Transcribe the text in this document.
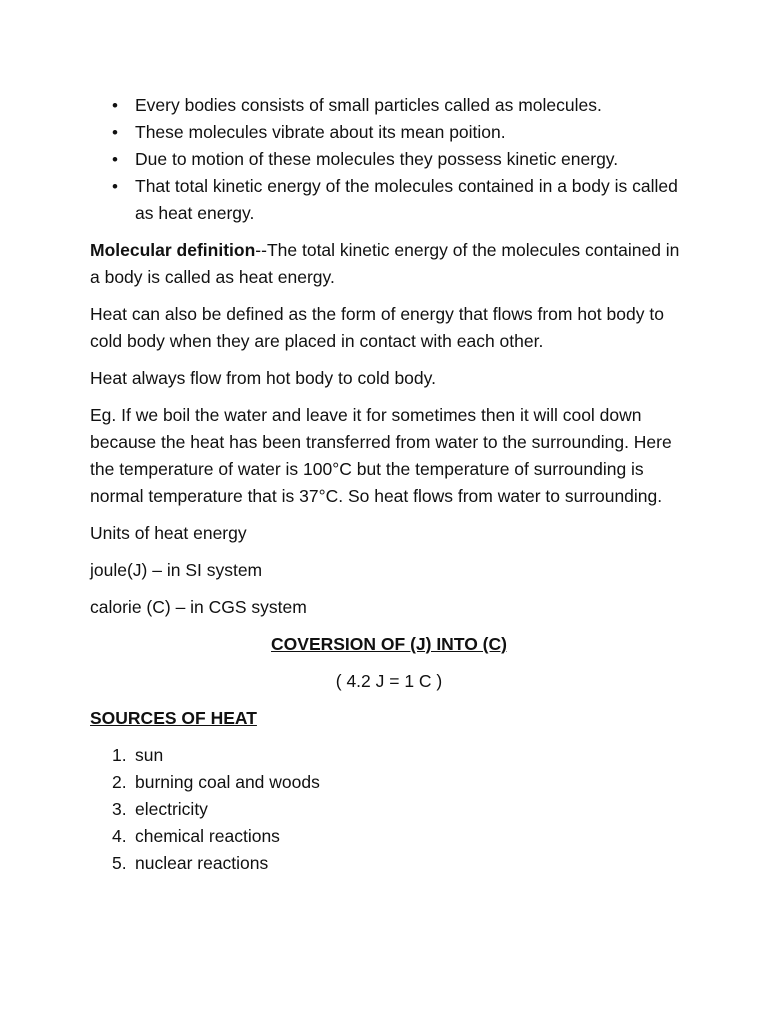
• Every bodies consists of small particles called as molecules.
• These molecules vibrate about its mean poition.
• Due to motion of these molecules they possess kinetic energy.
• That total kinetic energy of the molecules contained in a body is called as heat energy.

Molecular definition--The total kinetic energy of the molecules contained in a body is called as heat energy.

Heat can also be defined as the form of energy that flows from hot body to cold body when they are placed in contact with each other.

Heat always flow from hot body to cold body.

Eg. If we boil the water and leave it for sometimes then it will cool down because the heat has been transferred from water to the surrounding. Here the temperature of water is 100°C but the temperature of surrounding is normal temperature that is 37°C. So heat flows from water to surrounding.

Units of heat energy

joule(J) – in SI system

calorie (C) – in CGS system

COVERSION OF (J) INTO (C)
( 4.2 J = 1 C )
SOURCES OF HEAT
1. sun
2. burning coal and woods
3. electricity
4. chemical reactions
5. nuclear reactions
